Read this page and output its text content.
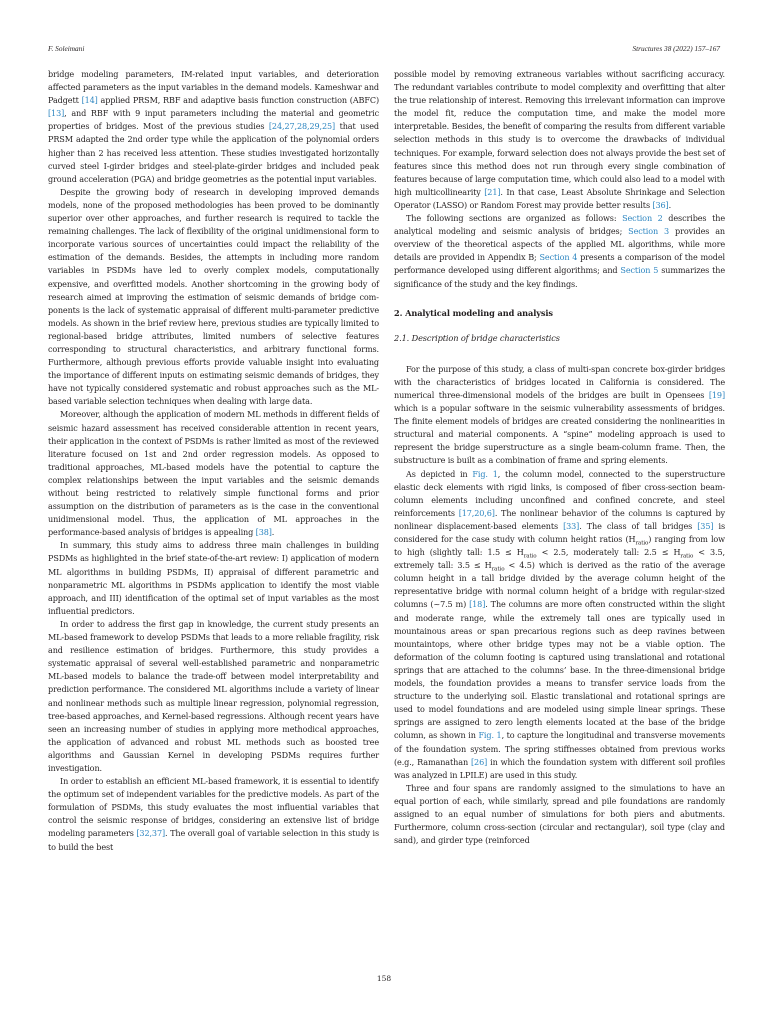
F. Soleimani	Structures 38 (2022) 157–167

bridge modeling parameters, IM-related input variables, and deterioration affected parameters as the input variables in the demand models. Kameshwar and Padgett [14] applied PRSM, RBF and adaptive basis function construction (ABFC) [13], and RBF with 9 input parameters including the material and geometric properties of bridges. Most of the previous studies [24,27,28,29,25] that used PRSM adapted the 2nd order type while the application of the polynomial orders higher than 2 has received less attention. These studies investigated horizontally curved steel I-girder bridges and steel-plate-girder bridges and included peak ground acceleration (PGA) and bridge geometries as the potential input variables.

Despite the growing body of research in developing improved demands models, none of the proposed methodologies has been proved to be dominantly superior over other approaches, and further research is required to tackle the remaining challenges. The lack of flexibility of the original unidimensional form to incorporate various sources of uncertainties could impact the reliability of the estimation of the demands. Besides, the attempts in including more random variables in PSDMs have led to overly complex models, computationally expensive, and overfitted models. Another shortcoming in the growing body of research aimed at improving the estimation of seismic demands of bridge components is the lack of systematic appraisal of different multi-parameter predictive models. As shown in the brief review here, previous studies are typically limited to regional-based bridge attributes, limited numbers of selective features corresponding to structural characteristics, and arbitrary functional forms. Furthermore, although previous efforts provide valuable insight into evaluating the importance of different inputs on estimating seismic demands of bridges, they have not typically considered systematic and robust approaches such as the ML-based variable selection techniques when dealing with large data.

Moreover, although the application of modern ML methods in different fields of seismic hazard assessment has received considerable attention in recent years, their application in the context of PSDMs is rather limited as most of the reviewed literature focused on 1st and 2nd order regression models. As opposed to traditional approaches, ML-based models have the potential to capture the complex relationships between the input variables and the seismic demands without being restricted to relatively simple functional forms and prior assumption on the distribution of parameters as is the case in the conventional unidimensional model. Thus, the application of ML approaches in the performance-based analysis of bridges is appealing [38].

In summary, this study aims to address three main challenges in building PSDMs as highlighted in the brief state-of-the-art review: I) application of modern ML algorithms in building PSDMs, II) appraisal of different parametric and nonparametric ML algorithms in PSDMs application to identify the most viable approach, and III) identification of the optimal set of input variables as the most influential predictors.

In order to address the first gap in knowledge, the current study presents an ML-based framework to develop PSDMs that leads to a more reliable fragility, risk and resilience estimation of bridges. Furthermore, this study provides a systematic appraisal of several well-established parametric and nonparametric ML-based models to balance the trade-off between model interpretability and prediction performance. The considered ML algorithms include a variety of linear and nonlinear methods such as multiple linear regression, polynomial regression, tree-based approaches, and Kernel-based regressions. Although recent years have seen an increasing number of studies in applying more methodical approaches, the application of advanced and robust ML methods such as boosted tree algorithms and Gaussian Kernel in developing PSDMs requires further investigation.

In order to establish an efficient ML-based framework, it is essential to identify the optimum set of independent variables for the predictive models. As part of the formulation of PSDMs, this study evaluates the most influential variables that control the seismic response of bridges, considering an extensive list of bridge modeling parameters [32,37]. The overall goal of variable selection in this study is to build the best

possible model by removing extraneous variables without sacrificing accuracy. The redundant variables contribute to model complexity and overfitting that alter the true relationship of interest. Removing this irrelevant information can improve the model fit, reduce the computation time, and make the model more interpretable. Besides, the benefit of comparing the results from different variable selection methods in this study is to overcome the drawbacks of individual techniques. For example, forward selection does not always provide the best set of features since this method does not run through every single combination of features because of large computation time, which could also lead to a model with high multicollinearity [21]. In that case, Least Absolute Shrinkage and Selection Operator (LASSO) or Random Forest may provide better results [36].

The following sections are organized as follows: Section 2 describes the analytical modeling and seismic analysis of bridges; Section 3 provides an overview of the theoretical aspects of the applied ML algorithms, while more details are provided in Appendix B; Section 4 presents a comparison of the model performance developed using different algorithms; and Section 5 summarizes the significance of the study and the key findings.

2. Analytical modeling and analysis
2.1. Description of bridge characteristics

For the purpose of this study, a class of multi-span concrete box-girder bridges with the characteristics of bridges located in California is considered. The numerical three-dimensional models of the bridges are built in Opensees [19] which is a popular software in the seismic vulnerability assessments of bridges. The finite element models of bridges are created considering the nonlinearities in structural and material components. A “spine” modeling approach is used to represent the bridge superstructure as a single beam-column frame. Then, the substructure is built as a combination of frame and spring elements.

As depicted in Fig. 1, the column model, connected to the superstructure elastic deck elements with rigid links, is composed of fiber cross-section beam-column elements including unconfined and confined concrete, and steel reinforcements [17,20,6]. The nonlinear behavior of the columns is captured by nonlinear displacement-based elements [33]. The class of tall bridges [35] is considered for the case study with column height ratios $(H_{ratio})$ ranging from low to high (slightly tall: $1.5 \le H_{ratio} < 2.5$, moderately tall: $2.5 \le H_{ratio} < 3.5$, extremely tall: $3.5 \le H_{ratio} < 4.5$) which is derived as the ratio of the average column height in a tall bridge divided by the average column height of the representative bridge with normal column height of a bridge with regular-sized columns (~7.5 m) [18]. The columns are more often constructed within the slight and moderate range, while the extremely tall ones are typically used in mountainous areas or span precarious regions such as deep ravines between mountaintops, where other bridge types may not be a viable option. The deformation of the column footing is captured using translational and rotational springs that are attached to the columns’ base. In the three-dimensional bridge models, the foundation provides a means to transfer service loads from the structure to the underlying soil. Elastic translational and rotational springs are used to model foundations and are modeled using simple linear springs. These springs are assigned to zero length elements located at the base of the bridge column, as shown in Fig. 1, to capture the longitudinal and transverse movements of the foundation system. The spring stiffnesses obtained from previous works (e.g., Ramanathan [26] in which the foundation system with different soil profiles was analyzed in LPILE) are used in this study.

Three and four spans are randomly assigned to the simulations to have an equal portion of each, while similarly, spread and pile foundations are randomly assigned to an equal number of simulations for both piers and abutments. Furthermore, column cross-section (circular and rectangular), soil type (clay and sand), and girder type (reinforced

158
